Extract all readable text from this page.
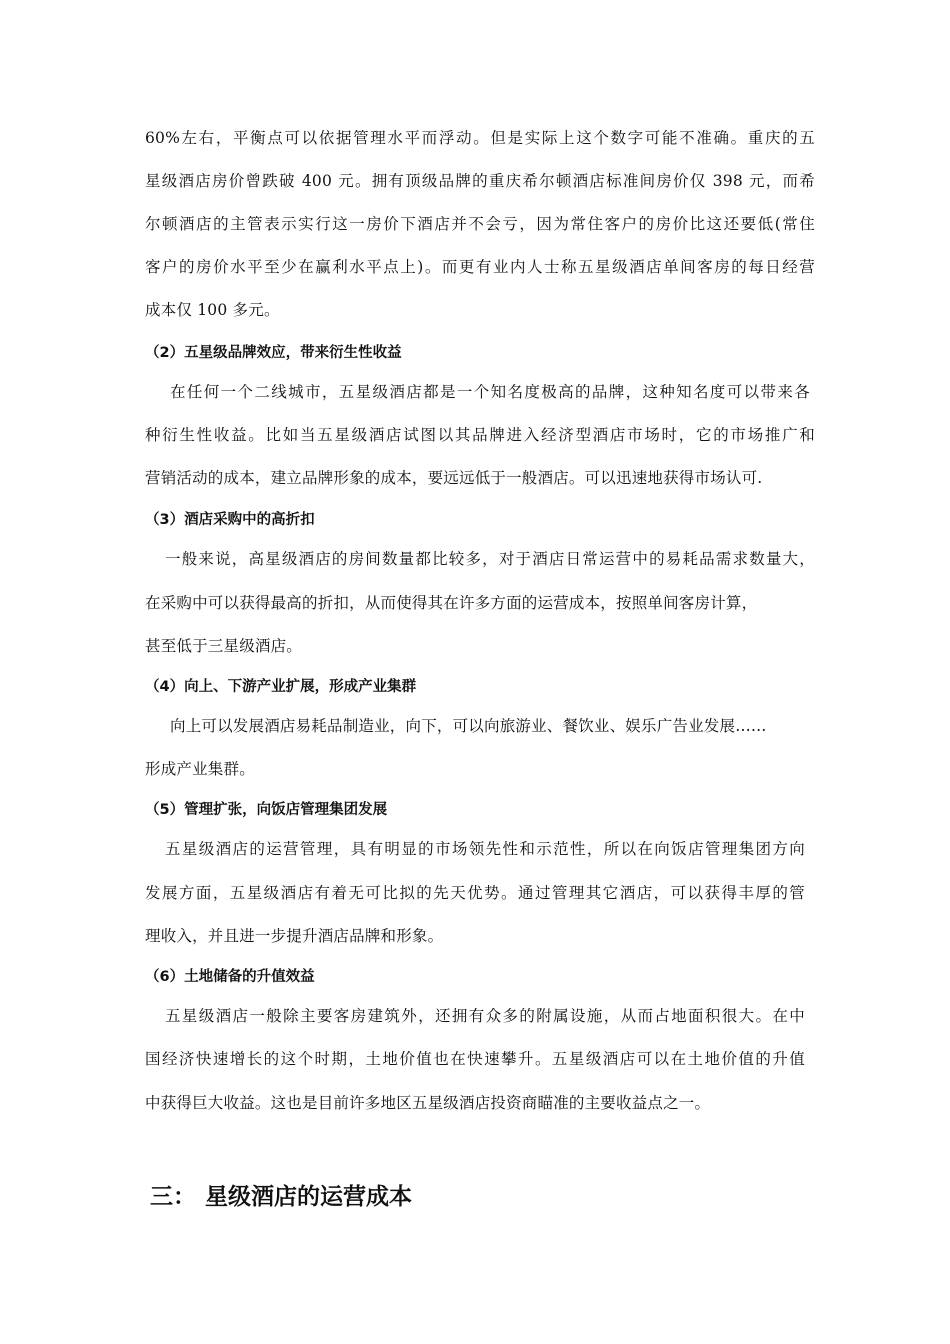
60%左右，平衡点可以依据管理水平而浮动。但是实际上这个数字可能不准确。重庆的五
星级酒店房价曾跌破 400 元。拥有顶级品牌的重庆希尔顿酒店标准间房价仅 398 元，而希
尔顿酒店的主管表示实行这一房价下酒店并不会亏，因为常住客户的房价比这还要低(常住
客户的房价水平至少在赢利水平点上)。而更有业内人士称五星级酒店单间客房的每日经营
成本仅 100 多元。
（2）五星级品牌效应，带来衍生性收益
在任何一个二线城市，五星级酒店都是一个知名度极高的品牌，这种知名度可以带来各
种衍生性收益。比如当五星级酒店试图以其品牌进入经济型酒店市场时，它的市场推广和
营销活动的成本，建立品牌形象的成本，要远远低于一般酒店。可以迅速地获得市场认可.
（3）酒店采购中的高折扣
一般来说，高星级酒店的房间数量都比较多，对于酒店日常运营中的易耗品需求数量大，
在采购中可以获得最高的折扣，从而使得其在许多方面的运营成本，按照单间客房计算，
甚至低于三星级酒店。
（4）向上、下游产业扩展，形成产业集群
向上可以发展酒店易耗品制造业，向下，可以向旅游业、餐饮业、娱乐广告业发展……
形成产业集群。
（5）管理扩张，向饭店管理集团发展
五星级酒店的运营管理，具有明显的市场领先性和示范性，所以在向饭店管理集团方向
发展方面，五星级酒店有着无可比拟的先天优势。通过管理其它酒店，可以获得丰厚的管
理收入，并且进一步提升酒店品牌和形象。
（6）土地储备的升值效益
五星级酒店一般除主要客房建筑外，还拥有众多的附属设施，从而占地面积很大。在中
国经济快速增长的这个时期，土地价值也在快速攀升。五星级酒店可以在土地价值的升值
中获得巨大收益。这也是目前许多地区五星级酒店投资商瞄准的主要收益点之一。
三： 星级酒店的运营成本
